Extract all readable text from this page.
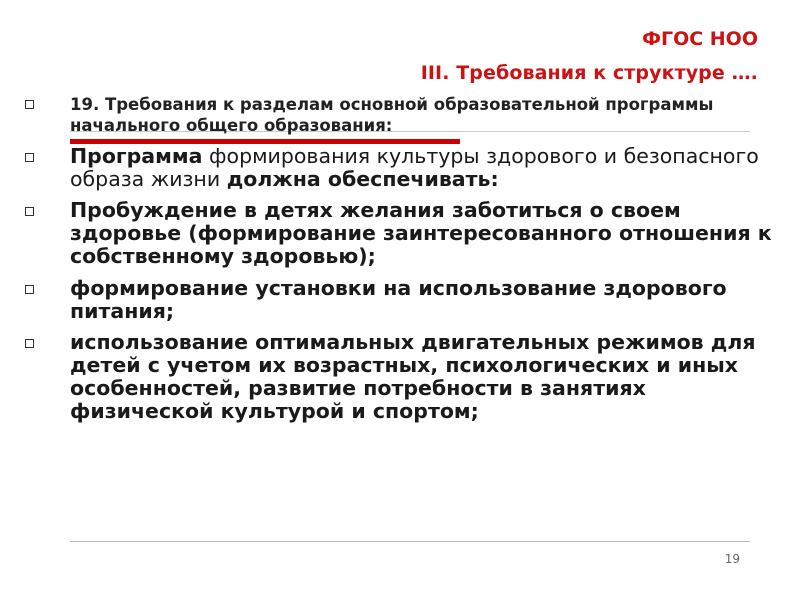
ФГОС НОО
III. Требования к структуре ….
19. Требования к разделам основной образовательной программы начального общего образования:
Программа формирования культуры здорового и безопасного образа жизни должна обеспечивать:
Пробуждение в детях желания заботиться о своем здоровье (формирование заинтересованного отношения к собственному здоровью);
формирование установки на использование здорового питания;
использование оптимальных двигательных режимов для детей с учетом их возрастных, психологических и иных особенностей, развитие потребности в занятиях физической культурой и спортом;
19
